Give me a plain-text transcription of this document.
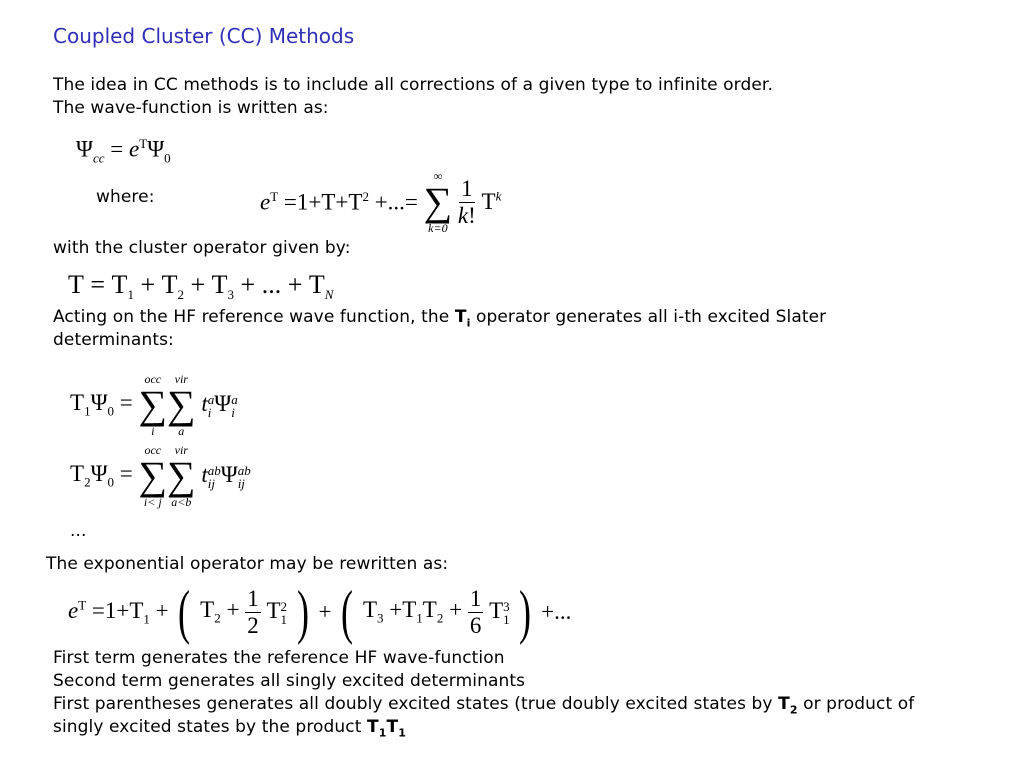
Coupled Cluster (CC) Methods
The idea in CC methods is to include all corrections of a given type to infinite order.
The wave-function is written as:
$\Psi_{cc} = e^T\Psi_0$
where:	$e^T =1+T+T^2$ +...=
∞
∑
k=0
$\frac{1}{k!} T^k$
with the cluster operator given by:
$T = T_1 + T_2 + T_3$ + ... + $T_N$
Acting on the HF reference wave function, the $T_i$ operator generates all i-th excited Slater
determinants:
$T_1\Psi_0$ =
occ
∑
i
vir
∑
a
t a
i Ψ a
i
$T_2\Psi_0$ =
occ
∑
i< j
vir
∑
a<b
t ab
ij Ψ ab
ij
...
The exponential operator may be rewritten as:
$e^T =1+T_1$ + ( $T_2 + \frac{1}{2}$ T 2
1 ) + ( $T_3 +T_1T_2 + \frac{1}{6}$ T 3
1 ) +...
First term generates the reference HF wave-function
Second term generates all singly excited determinants
First parentheses generates all doubly excited states (true doubly excited states by $T_2$ or product of
singly excited states by the product $T_1T_1$
